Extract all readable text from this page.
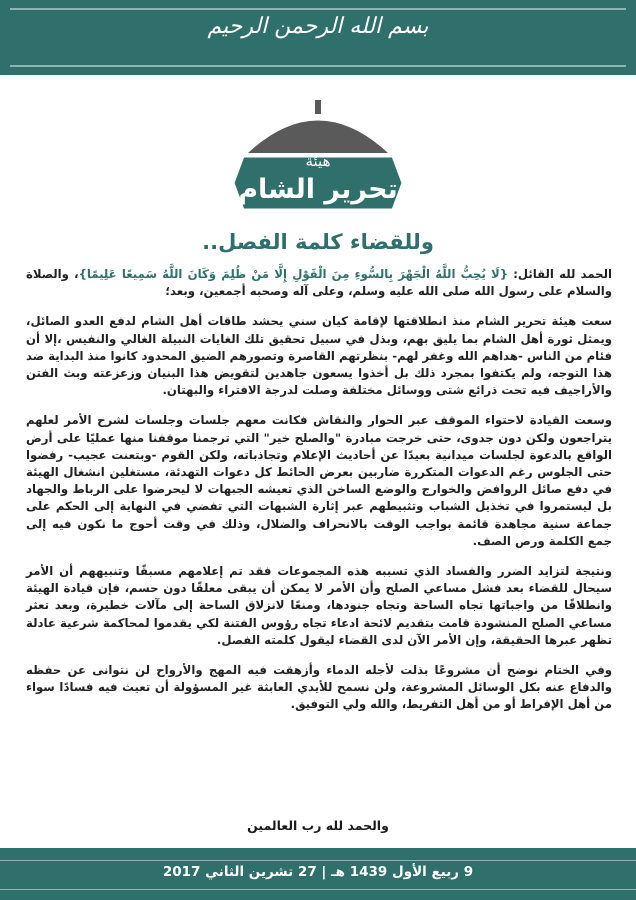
بسم الله الرحمن الرحيم
هيئة
تحرير الشام
وللقضاء كلمة الفصل..

الحمد لله القائل: {لَا يُحِبُّ اللَّهُ الْجَهْرَ بِالسُّوءِ مِنَ الْقَوْلِ إِلَّا مَنْ ظُلِمَ وَكَانَ اللَّهُ سَمِيعًا عَلِيمًا}، والصلاة والسلام على رسول الله صلى الله عليه وسلم، وعلى آله وصحبه أجمعين، وبعد؛

سعت هيئة تحرير الشام منذ انطلاقتها لإقامة كيان سني يحشد طاقات أهل الشام لدفع العدو الصائل، ويمثل ثورة أهل الشام بما يليق بهم، وبذل في سبيل تحقيق تلك الغايات النبيلة الغالي والنفيس ،إلا أن فئام من الناس -هداهم الله وغفر لهم- بنظرتهم القاصرة وتصورهم الضيق المحدود كانوا منذ البداية ضد هذا التوجه، ولم يكتفوا بمجرد ذلك بل أخذوا يسعون جاهدين لتقويض هذا البنيان وزعزعته وبث الفتن والأراجيف فيه تحت ذرائع شتى ووسائل مختلفة وصلت لدرجة الافتراء والبهتان.

وسعت القيادة لاحتواء الموقف عبر الحوار والنقاش فكانت معهم جلسات وجلسات لشرح الأمر لعلهم يتراجعون ولكن دون جدوى، حتى خرجت مبادرة "والصلح خير" التي ترجمنا موقفنا منها عمليًا على أرض الواقع بالدعوة لجلسات ميدانية بعيدًا عن أحاديث الإعلام وتجاذباته، ولكن القوم -وبتعنت عجيب- رفضوا حتى الجلوس رغم الدعوات المتكررة ضاربين بعرض الحائط كل دعوات التهدئة، مستغلين انشغال الهيئة في دفع صائل الروافض والخوارج والوضع الساخن الذي تعيشه الجبهات لا ليحرضوا على الرباط والجهاد بل ليستمروا في تخذيل الشباب وتثبيطهم عبر إثارة الشبهات التي تفضي في النهاية إلى الحكم على جماعة سنية مجاهدة قائمة بواجب الوقت بالانحراف والضلال، وذلك في وقت أحوج ما نكون فيه إلى جمع الكلمة ورص الصف.

ونتيجة لتزايد الضرر والفساد الذي تسببه هذه المجموعات فقد تم إعلامهم مسبقًا وتنبيههم أن الأمر سيحال للقضاء بعد فشل مساعي الصلح وأن الأمر لا يمكن أن يبقى معلقًا دون حسم، فإن قيادة الهيئة وانطلاقًا من واجباتها تجاه الساحة وتجاه جنودها، ومنعًا لانزلاق الساحة إلى مآلات خطيرة، وبعد تعثر مساعي الصلح المنشودة قامت بتقديم لائحة ادعاء تجاه رؤوس الفتنة لكي يقدموا لمحاكمة شرعية عادلة تظهر عبرها الحقيقة، وإن الأمر الآن لدى القضاء ليقول كلمته الفصل.

وفي الختام نوضح أن مشروعًا بذلت لأجله الدماء وأزهقت فيه المهج والأرواح لن نتوانى عن حفظه والدفاع عنه بكل الوسائل المشروعة، ولن نسمح للأيدي العابثة غير المسؤولة أن تعيث فيه فسادًا سواء من أهل الإفراط أو من أهل التفريط، والله ولي التوفيق.

والحمد لله رب العالمين
9 ربيع الأول 1439 هـ | 27 تشرين الثاني 2017
